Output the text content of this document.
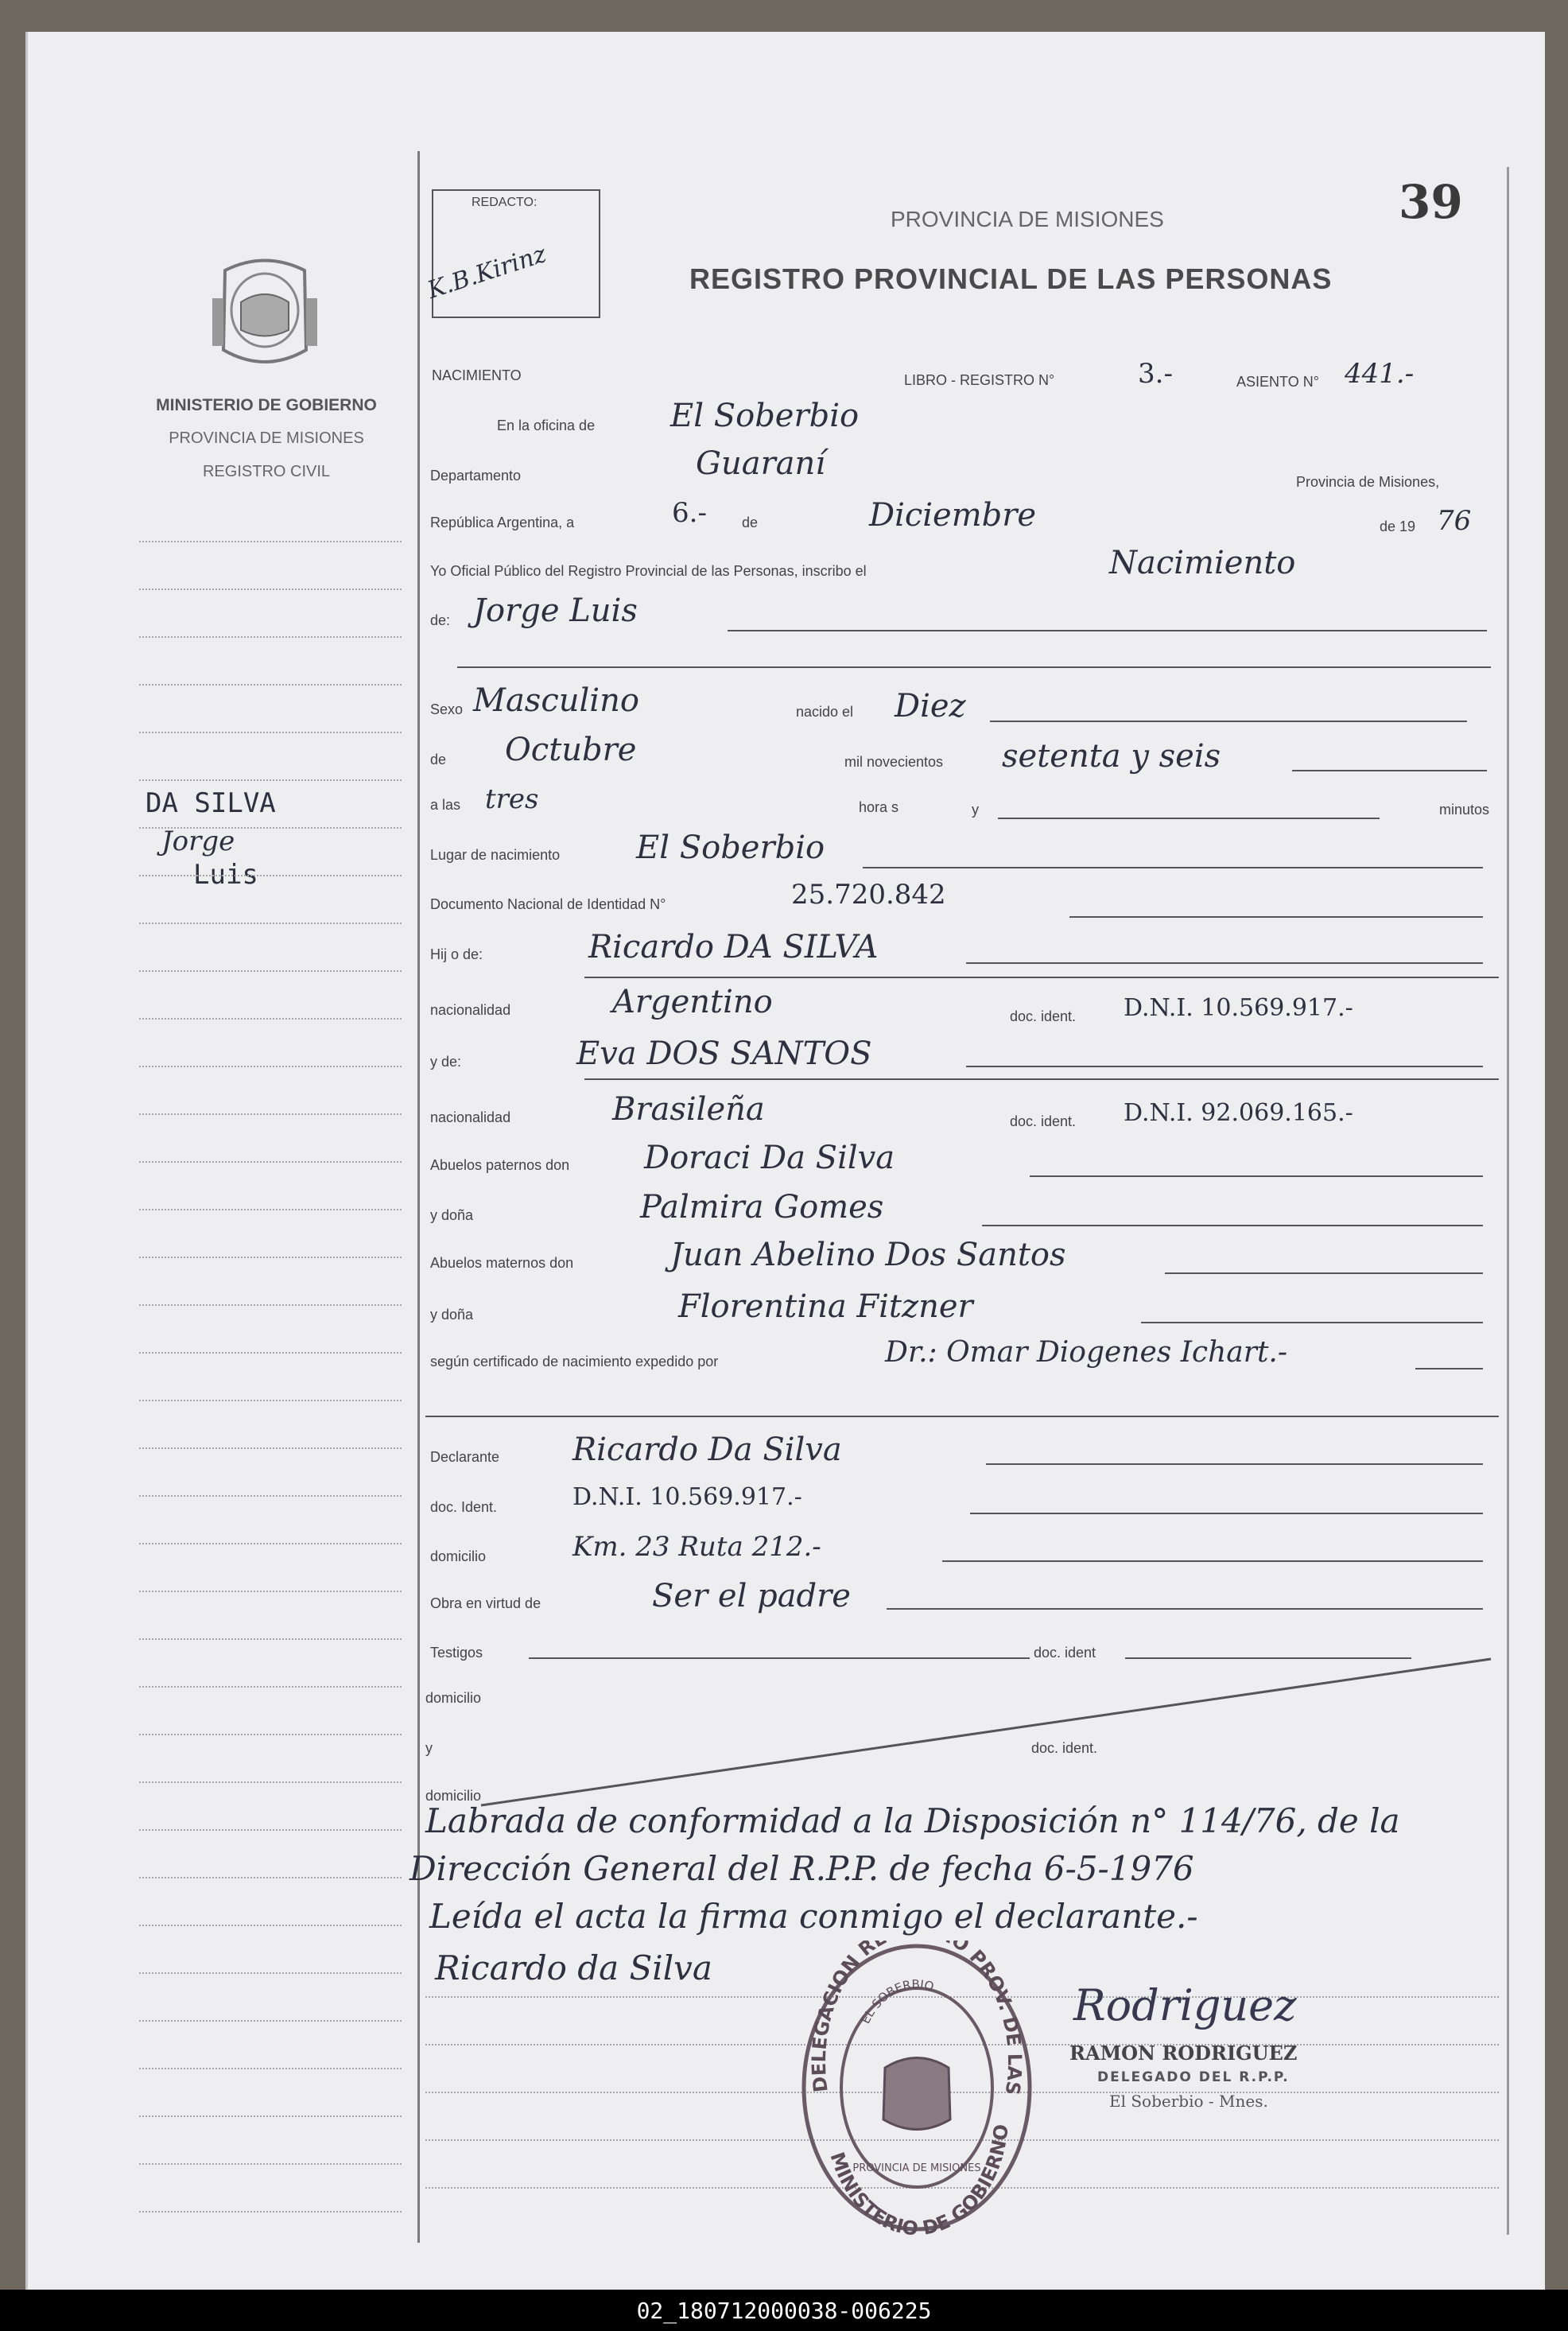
MINISTERIO DE GOBIERNO
PROVINCIA DE MISIONES
REGISTRO CIVIL
DA SILVA
Jorge
Luis
REDACTO:
K.B.Kirinz
PROVINCIA DE MISIONES
REGISTRO PROVINCIAL DE LAS PERSONAS
39
NACIMIENTO	LIBRO - REGISTRO N°	3.-	ASIENTO N° 441.-
En la oficina de El Soberbio
Departamento	Guaraní	Provincia de Misiones,
República Argentina, a	6.- de	Diciembre	de 19 76
Yo Oficial Público del Registro Provincial de las Personas, inscribo el	Nacimiento
de: Jorge Luis
Sexo Masculino	nacido el Diez
de Octubre	mil novecientos setenta y seis
a las tres	hora s	y	minutos
Lugar de nacimiento El Soberbio
Documento Nacional de Identidad N°	25.720.842
Hij o de:	Ricardo DA SILVA
nacionalidad	Argentino	doc. ident. D.N.I. 10.569.917.-
y de:	Eva DOS SANTOS
nacionalidad	Brasileña	doc. ident. D.N.I. 92.069.165.-
Abuelos paternos don Doraci Da Silva
y doña	Palmira Gomes
Abuelos maternos don	Juan Abelino Dos Santos
y doña	Florentina Fitzner
según certificado de nacimiento expedido por	Dr.: Omar Diogenes Ichart.-
Declarante Ricardo Da Silva
doc. Ident.	D.N.I. 10.569.917.-
domicilio	Km. 23 Ruta 212.-
Obra en virtud de	Ser el padre
Testigos	doc. ident
domicilio
y	doc. ident.
domicilio
Labrada de conformidad a la Disposición n° 114/76, de la
Dirección General del R.P.P. de fecha 6-5-1976
Leída el acta la firma conmigo el declarante.-
Ricardo da Silva
DELEGACION R O PROV. DE LAS
MINISTERIO DE GOBIERNO
EL SOBERBIO
PROVINCIA DE MISIONES
Rodriguez
RAMON RODRIGUEZ
DELEGADO DEL R.P.P.
El Soberbio - Mnes.
02_180712000038-006225
